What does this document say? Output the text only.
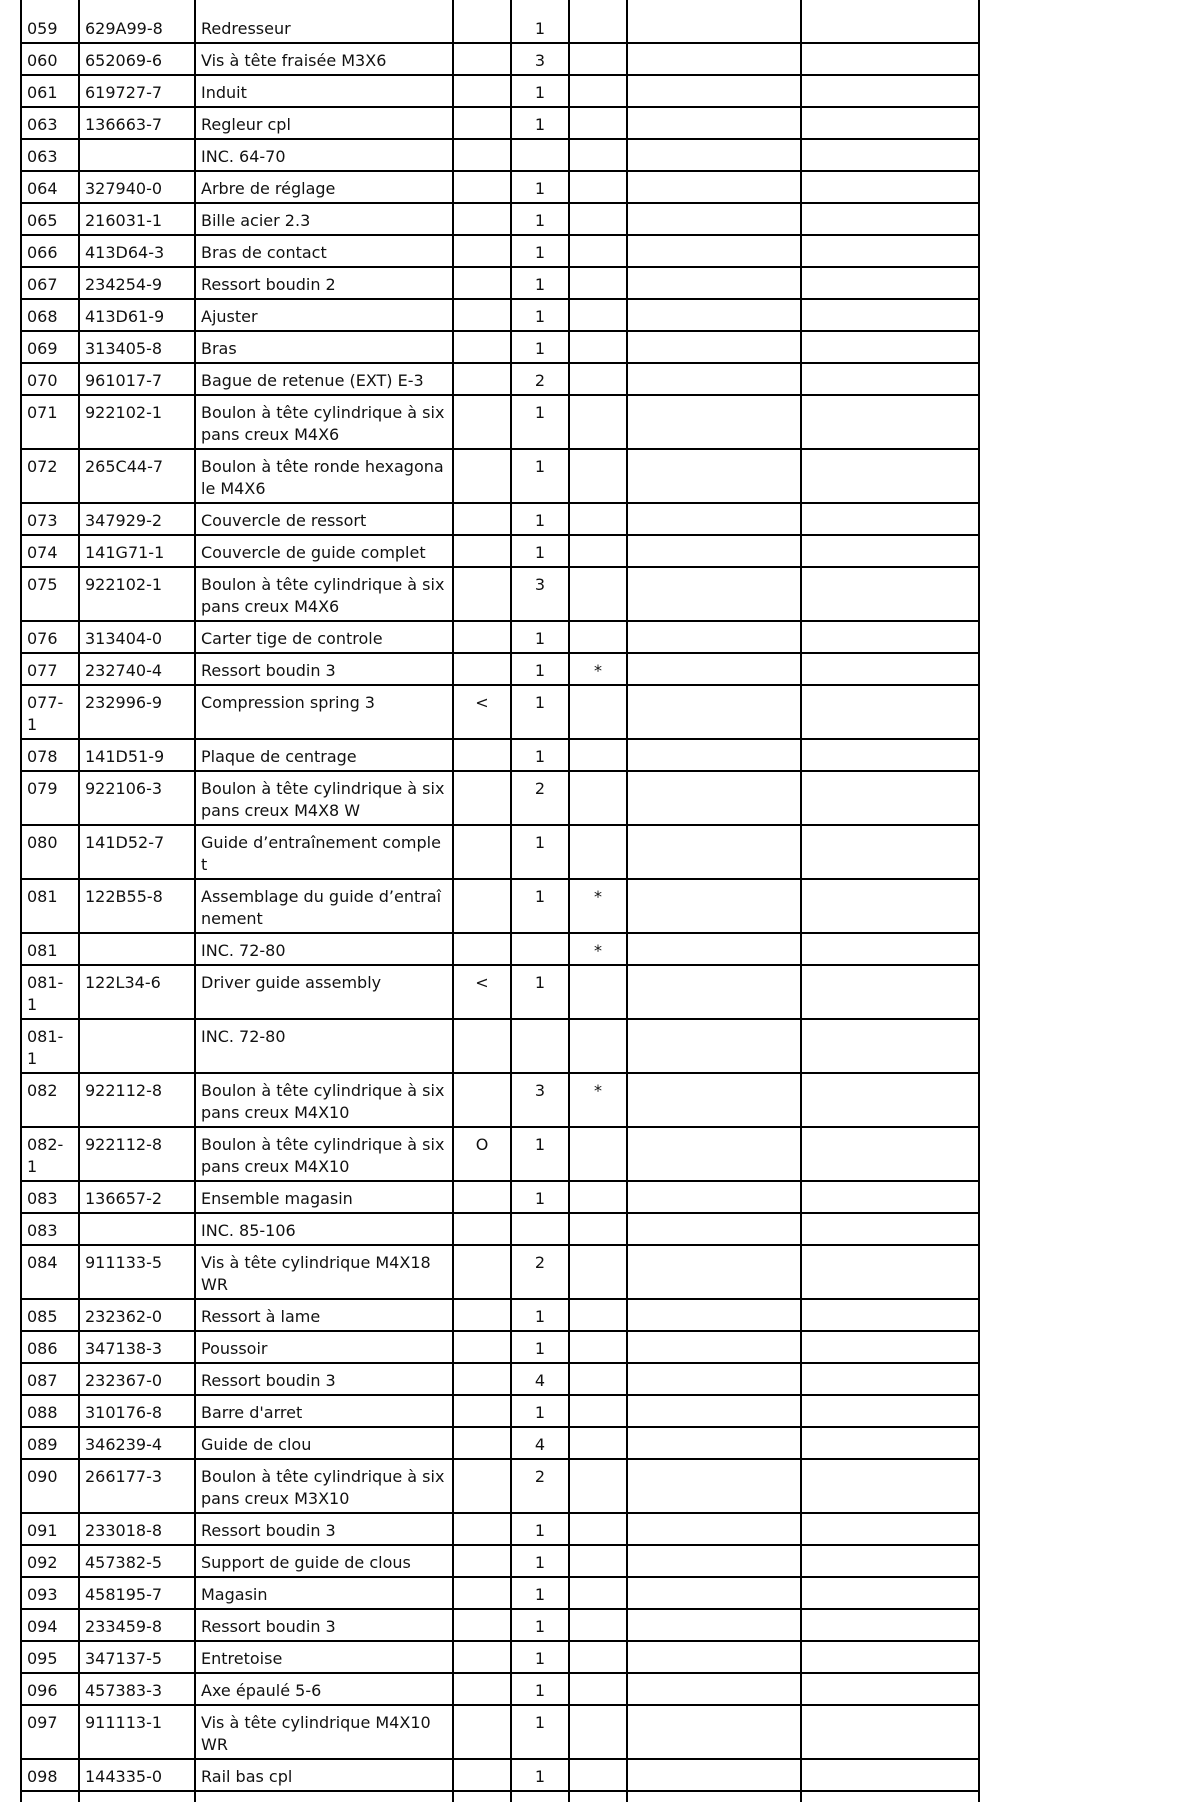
059	629A99-8	Redresseur		1			
060	652069-6	Vis à tête fraisée M3X6		3			
061	619727-7	Induit		1			
063	136663-7	Regleur cpl		1			
063		INC. 64-70					
064	327940-0	Arbre de réglage		1			
065	216031-1	Bille acier 2.3		1			
066	413D64-3	Bras de contact		1			
067	234254-9	Ressort boudin 2		1			
068	413D61-9	Ajuster		1			
069	313405-8	Bras		1			
070	961017-7	Bague de retenue (EXT) E-3		2			
071	922102-1	Boulon à tête cylindrique à six pans creux M4X6		1			
072	265C44-7	Boulon à tête ronde hexagonale M4X6		1			
073	347929-2	Couvercle de ressort		1			
074	141G71-1	Couvercle de guide complet		1			
075	922102-1	Boulon à tête cylindrique à six pans creux M4X6		3			
076	313404-0	Carter tige de controle		1			
077	232740-4	Ressort boudin 3		1	*		
077-1	232996-9	Compression spring 3	<	1			
078	141D51-9	Plaque de centrage		1			
079	922106-3	Boulon à tête cylindrique à six pans creux M4X8 W		2			
080	141D52-7	Guide d’entraînement complet		1			
081	122B55-8	Assemblage du guide d’entraînement		1	*		
081		INC. 72-80			*		
081-1	122L34-6	Driver guide assembly	<	1			
081-1		INC. 72-80					
082	922112-8	Boulon à tête cylindrique à six pans creux M4X10		3	*		
082-1	922112-8	Boulon à tête cylindrique à six pans creux M4X10	O	1			
083	136657-2	Ensemble magasin		1			
083		INC. 85-106					
084	911133-5	Vis à tête cylindrique M4X18 WR		2			
085	232362-0	Ressort à lame		1			
086	347138-3	Poussoir		1			
087	232367-0	Ressort boudin 3		4			
088	310176-8	Barre d'arret		1			
089	346239-4	Guide de clou		4			
090	266177-3	Boulon à tête cylindrique à six pans creux M3X10		2			
091	233018-8	Ressort boudin 3		1			
092	457382-5	Support de guide de clous		1			
093	458195-7	Magasin		1			
094	233459-8	Ressort boudin 3		1			
095	347137-5	Entretoise		1			
096	457383-3	Axe épaulé 5-6		1			
097	911113-1	Vis à tête cylindrique M4X10 WR		1			
098	144335-0	Rail bas cpl		1			
